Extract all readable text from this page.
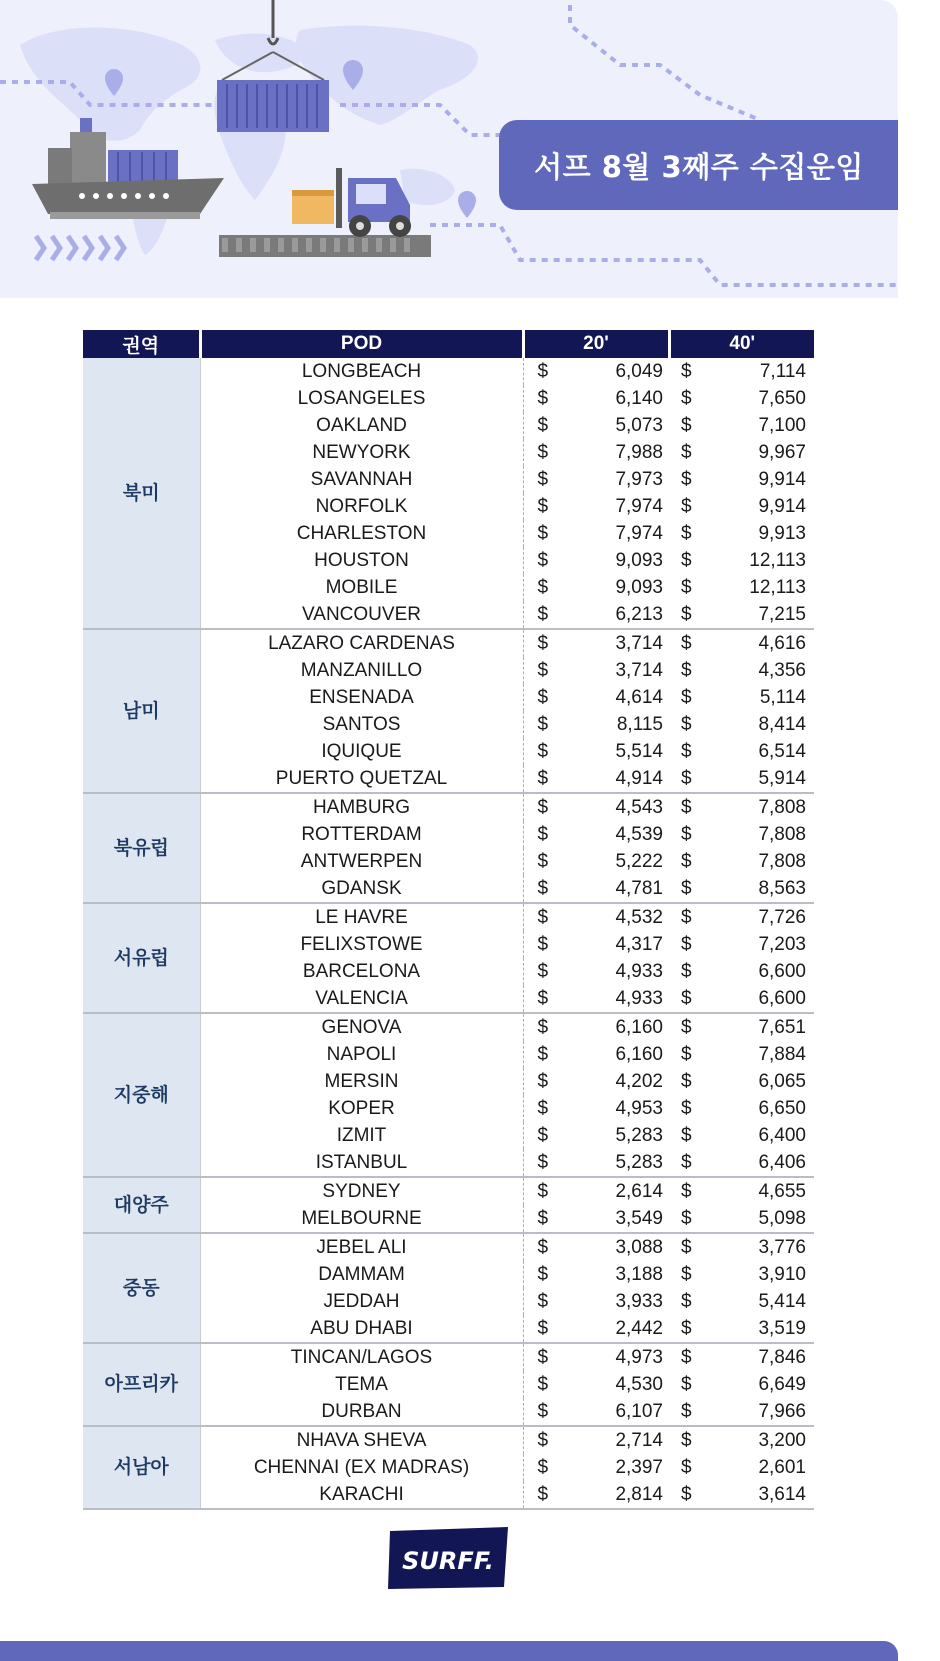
서프 8월 3째주 수집운임
권역	POD	20'	40'
북미	LONGBEACH	$ 6,049	$ 7,114

	LOSANGELES	$ 6,140	$ 7,650

	OAKLAND	$ 5,073	$ 7,100

	NEWYORK	$ 7,988	$ 9,967

	SAVANNAH	$ 7,973	$ 9,914

	NORFOLK	$ 7,974	$ 9,914

	CHARLESTON	$ 7,974	$ 9,913

	HOUSTON	$ 9,093	$ 12,113

	MOBILE	$ 9,093	$ 12,113

	VANCOUVER	$ 6,213	$ 7,215

남미	LAZARO CARDENAS	$ 3,714	$ 4,616

	MANZANILLO	$ 3,714	$ 4,356

	ENSENADA	$ 4,614	$ 5,114

	SANTOS	$ 8,115	$ 8,414

	IQUIQUE	$ 5,514	$ 6,514

	PUERTO QUETZAL	$ 4,914	$ 5,914

북유럽	HAMBURG	$ 4,543	$ 7,808

	ROTTERDAM	$ 4,539	$ 7,808

	ANTWERPEN	$ 5,222	$ 7,808

	GDANSK	$ 4,781	$ 8,563

서유럽	LE HAVRE	$ 4,532	$ 7,726

	FELIXSTOWE	$ 4,317	$ 7,203

	BARCELONA	$ 4,933	$ 6,600

	VALENCIA	$ 4,933	$ 6,600

지중해	GENOVA	$ 6,160	$ 7,651

	NAPOLI	$ 6,160	$ 7,884

	MERSIN	$ 4,202	$ 6,065

	KOPER	$ 4,953	$ 6,650

	IZMIT	$ 5,283	$ 6,400

	ISTANBUL	$ 5,283	$ 6,406

대양주	SYDNEY	$ 2,614	$ 4,655

	MELBOURNE	$ 3,549	$ 5,098

중동	JEBEL ALI	$ 3,088	$ 3,776

	DAMMAM	$ 3,188	$ 3,910

	JEDDAH	$ 3,933	$ 5,414

	ABU DHABI	$ 2,442	$ 3,519

아프리카	TINCAN/LAGOS	$ 4,973	$ 7,846

	TEMA	$ 4,530	$ 6,649

	DURBAN	$ 6,107	$ 7,966

서남아	NHAVA SHEVA	$ 2,714	$ 3,200

	CHENNAI (EX MADRAS)	$ 2,397	$ 2,601

	KARACHI	$ 2,814	$ 3,614
SURFF.
